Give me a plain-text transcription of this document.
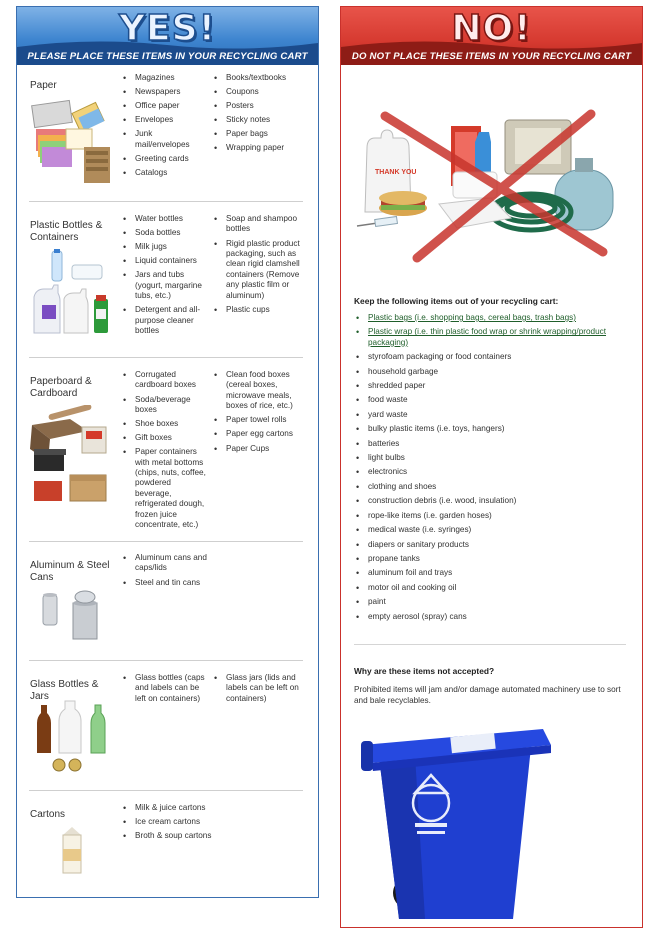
YES!
PLEASE PLACE THESE ITEMS IN YOUR RECYCLING CART
Paper
• Magazines
• Newspapers
• Office paper
• Envelopes
• Junk mail/envelopes
• Greeting cards
• Catalogs
• Books/textbooks
• Coupons
• Posters
• Sticky notes
• Paper bags
• Wrapping paper
Plastic Bottles & Containers
• Water bottles
• Soda bottles
• Milk jugs
• Liquid containers
• Jars and tubs (yogurt, margarine tubs, etc.)
• Detergent and all-purpose cleaner bottles
• Soap and shampoo bottles
• Rigid plastic product packaging, such as clean rigid clamshell containers (Remove any plastic film or aluminum)
• Plastic cups
Paperboard & Cardboard
• Corrugated cardboard boxes
• Soda/beverage boxes
• Shoe boxes
• Gift boxes
• Paper containers with metal bottoms (chips, nuts, coffee, powdered beverage, refrigerated dough, frozen juice concentrate, etc.)
• Clean food boxes (cereal boxes, microwave meals, boxes of rice, etc.)
• Paper towel rolls
• Paper egg cartons
• Paper Cups
Aluminum & Steel Cans
• Aluminum cans and caps/lids
• Steel and tin cans
Glass Bottles & Jars
• Glass bottles (caps and labels can be left on containers)
• Glass jars (lids and labels can be left on containers)
Cartons
• Milk & juice cartons
• Ice cream cartons
• Broth & soup cartons
NO!
DO NOT PLACE THESE ITEMS IN YOUR RECYCLING CART
THANK YOU
Keep the following items out of your recycling cart:
• Plastic bags (i.e. shopping bags, cereal bags, trash bags)
• Plastic wrap (i.e. thin plastic food wrap or shrink wrapping/product packaging)
• styrofoam packaging or food containers
• household garbage
• shredded paper
• food waste
• yard waste
• bulky plastic items (i.e. toys, hangers)
• batteries
• light bulbs
• electronics
• clothing and shoes
• construction debris (i.e. wood, insulation)
• rope-like items (i.e. garden hoses)
• medical waste (i.e. syringes)
• diapers or sanitary products
• propane tanks
• aluminum foil and trays
• motor oil and cooking oil
• paint
• empty aerosol (spray) cans
Why are these items not accepted?
Prohibited items will jam and/or damage automated machinery use to sort and bale recyclables.
